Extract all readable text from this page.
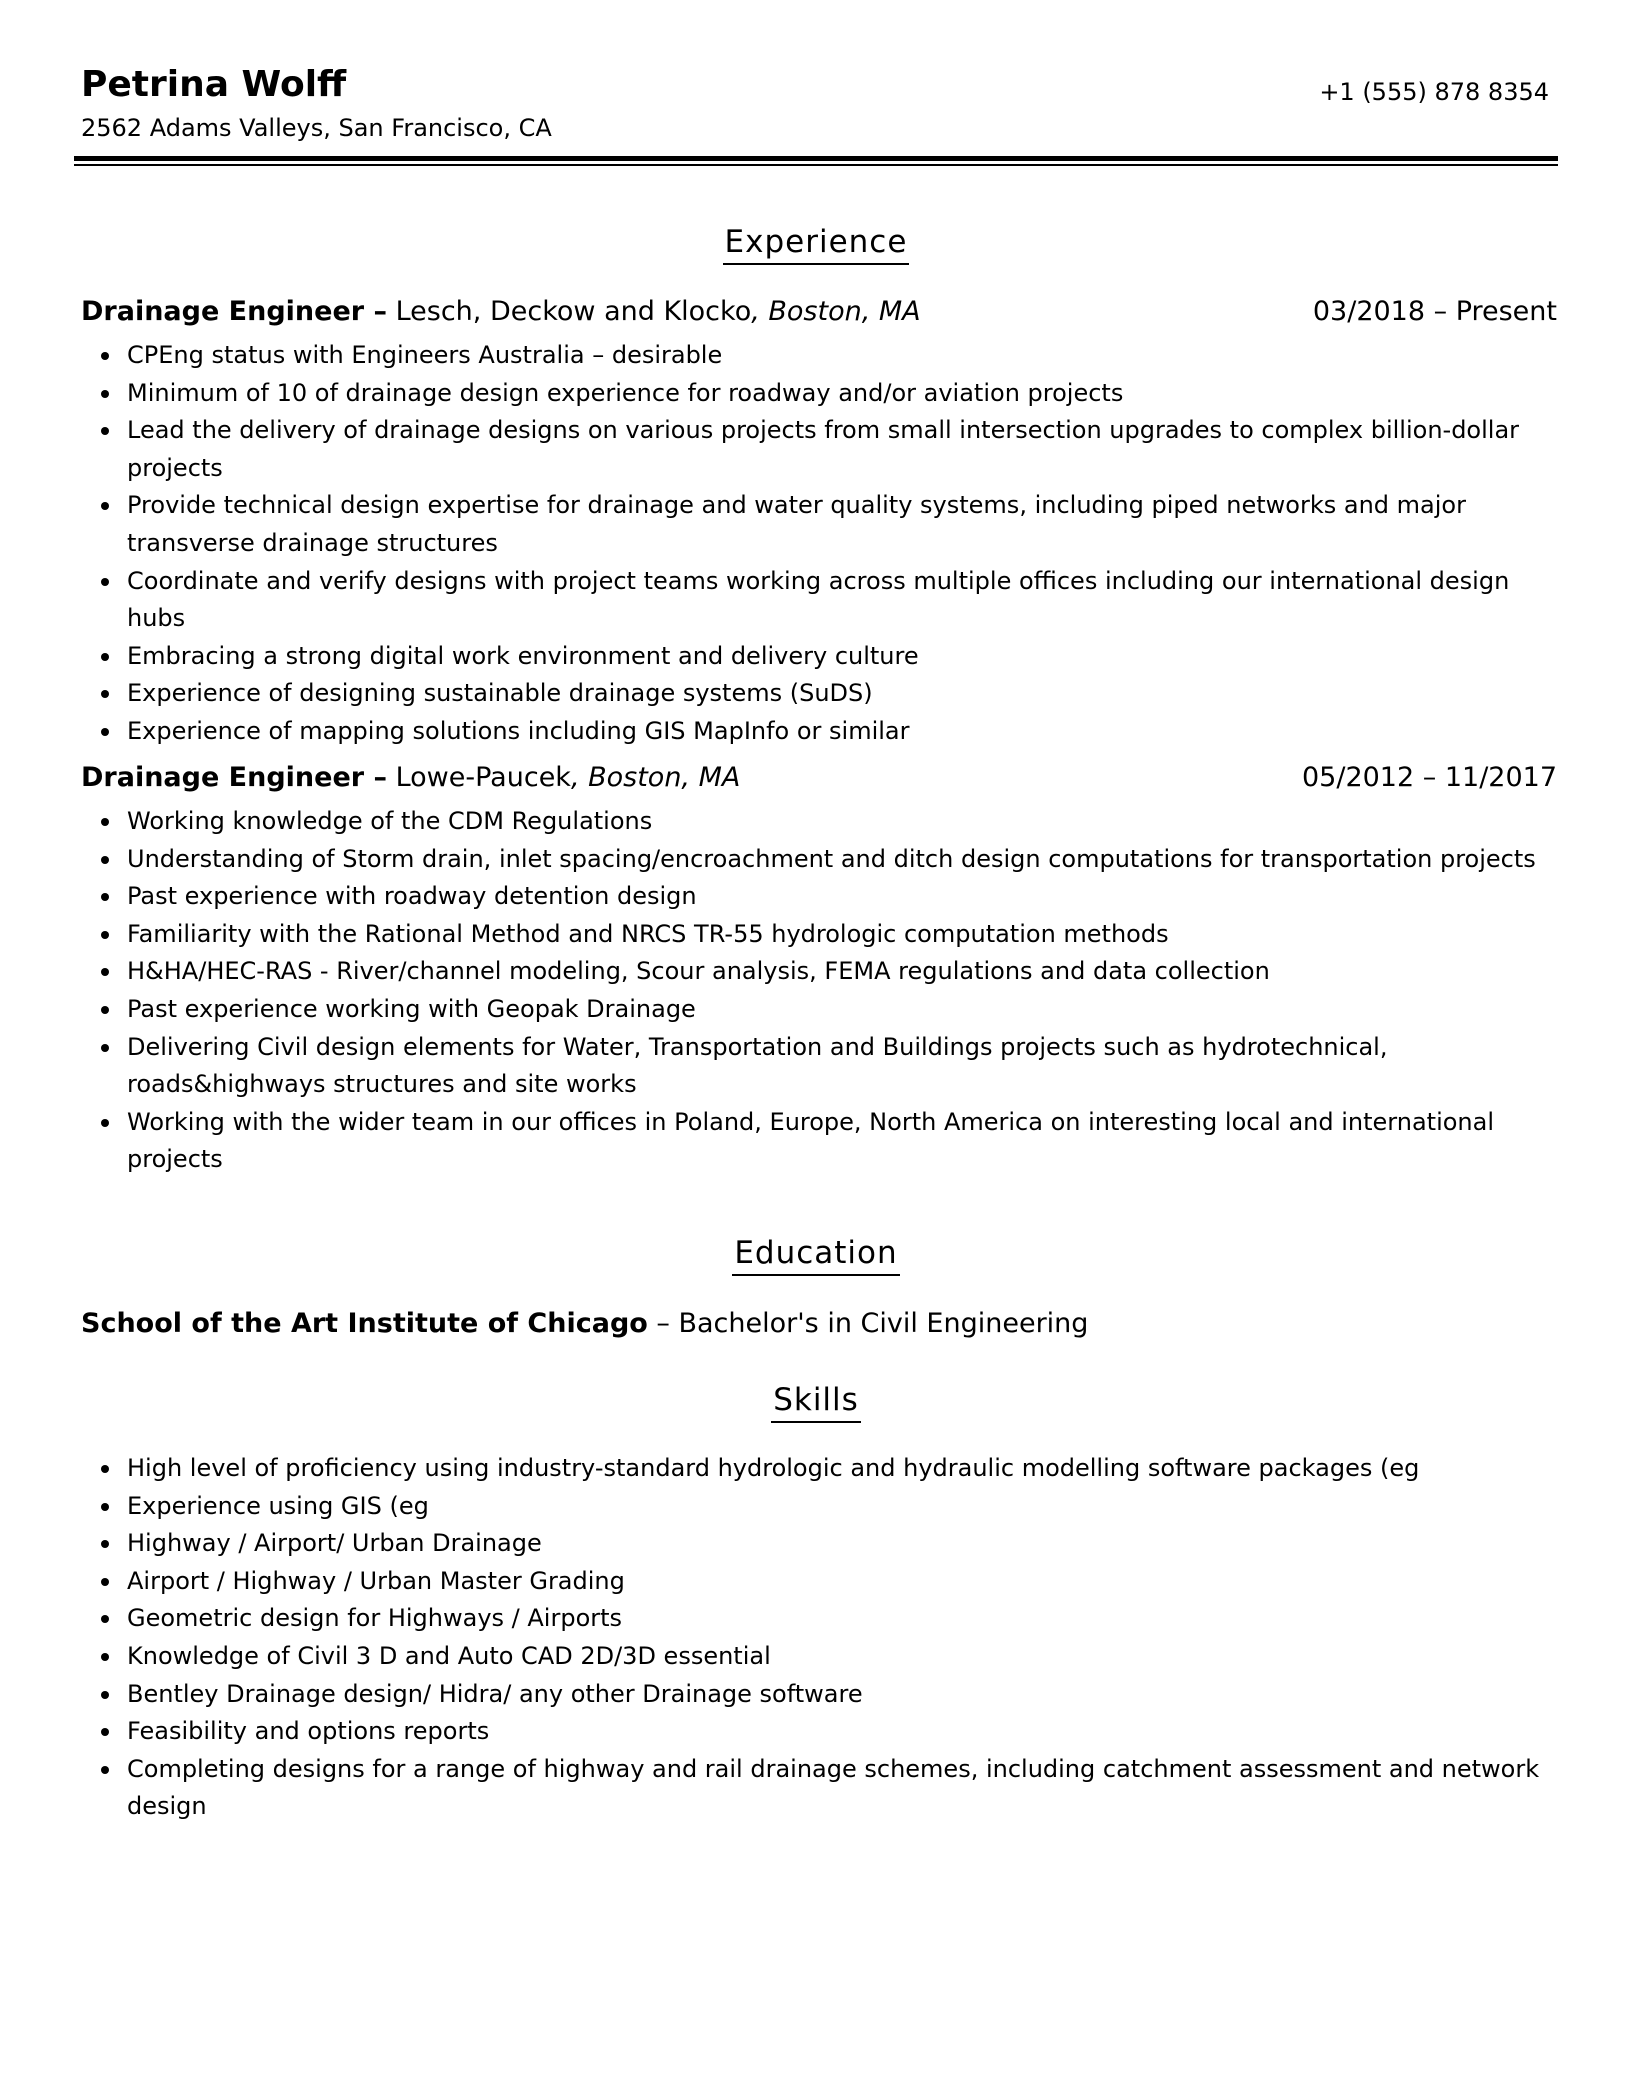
Petrina Wolff	+1 (555) 878 8354
2562 Adams Valleys, San Francisco, CA
Experience
Drainage Engineer – Lesch, Deckow and Klocko, Boston, MA	03/2018 – Present
CPEng status with Engineers Australia – desirable
Minimum of 10 of drainage design experience for roadway and/or aviation projects
Lead the delivery of drainage designs on various projects from small intersection upgrades to complex billion-dollar projects
Provide technical design expertise for drainage and water quality systems, including piped networks and major transverse drainage structures
Coordinate and verify designs with project teams working across multiple offices including our international design hubs
Embracing a strong digital work environment and delivery culture
Experience of designing sustainable drainage systems (SuDS)
Experience of mapping solutions including GIS MapInfo or similar
Drainage Engineer – Lowe-Paucek, Boston, MA	05/2012 – 11/2017
Working knowledge of the CDM Regulations
Understanding of Storm drain, inlet spacing/encroachment and ditch design computations for transportation projects
Past experience with roadway detention design
Familiarity with the Rational Method and NRCS TR-55 hydrologic computation methods
H&HA/HEC-RAS - River/channel modeling, Scour analysis, FEMA regulations and data collection
Past experience working with Geopak Drainage
Delivering Civil design elements for Water, Transportation and Buildings projects such as hydrotechnical, roads&highways structures and site works
Working with the wider team in our offices in Poland, Europe, North America on interesting local and international projects
Education
School of the Art Institute of Chicago – Bachelor's in Civil Engineering
Skills
High level of proficiency using industry-standard hydrologic and hydraulic modelling software packages (eg
Experience using GIS (eg
Highway / Airport/ Urban Drainage
Airport / Highway / Urban Master Grading
Geometric design for Highways / Airports
Knowledge of Civil 3 D and Auto CAD 2D/3D essential
Bentley Drainage design/ Hidra/ any other Drainage software
Feasibility and options reports
Completing designs for a range of highway and rail drainage schemes, including catchment assessment and network design
